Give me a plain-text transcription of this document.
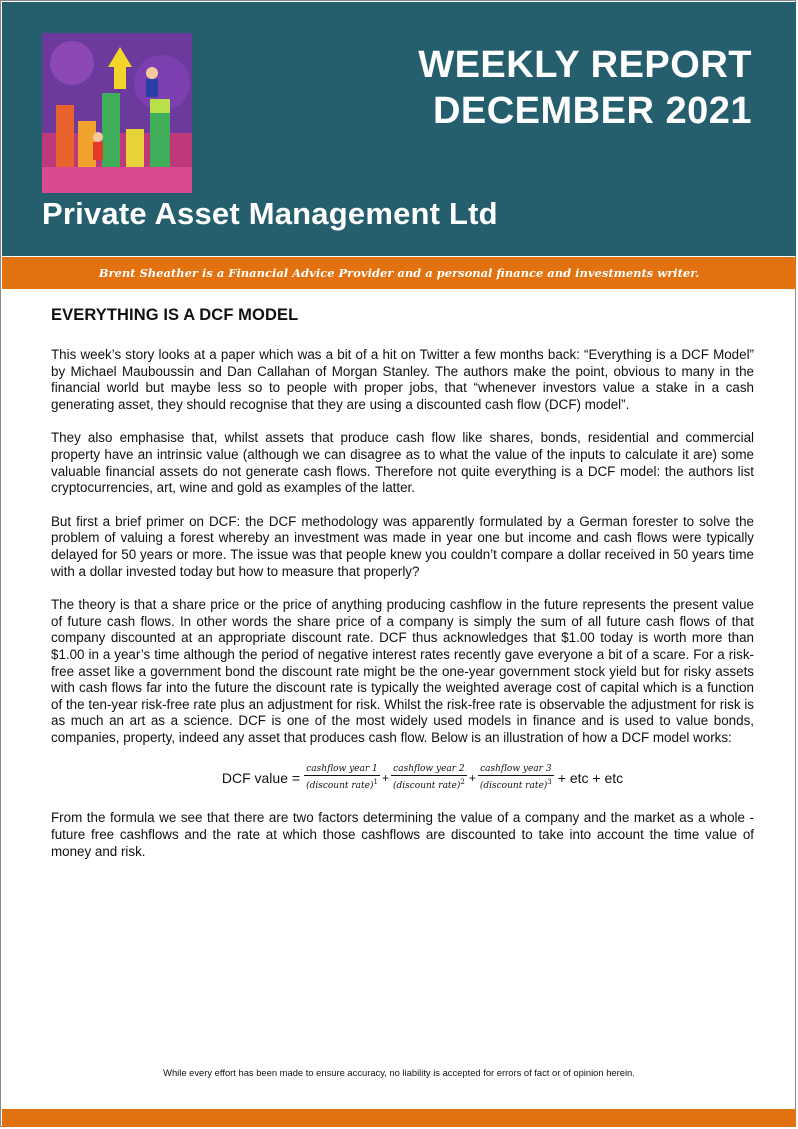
WEEKLY REPORT
DECEMBER 2021
Private Asset Management Ltd
Brent Sheather is a Financial Advice Provider and a personal finance and investments writer.
EVERYTHING IS A DCF MODEL

This week’s story looks at a paper which was a bit of a hit on Twitter a few months back: “Everything is a DCF Model” by Michael Mauboussin and Dan Callahan of Morgan Stanley. The authors make the point, obvious to many in the financial world but maybe less so to people with proper jobs, that “whenever investors value a stake in a cash generating asset, they should recognise that they are using a discounted cash flow (DCF) model”.

They also emphasise that, whilst assets that produce cash flow like shares, bonds, residential and commercial property have an intrinsic value (although we can disagree as to what the value of the inputs to calculate it are) some valuable financial assets do not generate cash flows. Therefore not quite everything is a DCF model: the authors list cryptocurrencies, art, wine and gold as examples of the latter.

But first a brief primer on DCF: the DCF methodology was apparently formulated by a German forester to solve the problem of valuing a forest whereby an investment was made in year one but income and cash flows were typically delayed for 50 years or more. The issue was that people knew you couldn’t compare a dollar received in 50 years time with a dollar invested today but how to measure that properly?

The theory is that a share price or the price of anything producing cashflow in the future represents the present value of future cash flows. In other words the share price of a company is simply the sum of all future cash flows of that company discounted at an appropriate discount rate. DCF thus acknowledges that $1.00 today is worth more than $1.00 in a year’s time although the period of negative interest rates recently gave everyone a bit of a scare. For a risk-free asset like a government bond the discount rate might be the one-year government stock yield but for risky assets with cash flows far into the future the discount rate is typically the weighted average cost of capital which is a function of the ten-year risk-free rate plus an adjustment for risk. Whilst the risk-free rate is observable the adjustment for risk is as much an art as a science. DCF is one of the most widely used models in finance and is used to value bonds, companies, property, indeed any asset that produces cash flow. Below is an illustration of how a DCF model works:

DCF value = $\frac{\text{cashflow year 1}}{(discount rate)^1} + \frac{\text{cashflow year 2}}{(discount rate)^2} + \frac{\text{cashflow year 3}}{(discount rate)^3}$ + etc + etc

From the formula we see that there are two factors determining the value of a company and the market as a whole - future free cashflows and the rate at which those cashflows are discounted to take into account the time value of money and risk.

While every effort has been made to ensure accuracy, no liability is accepted for errors of fact or of opinion herein.
